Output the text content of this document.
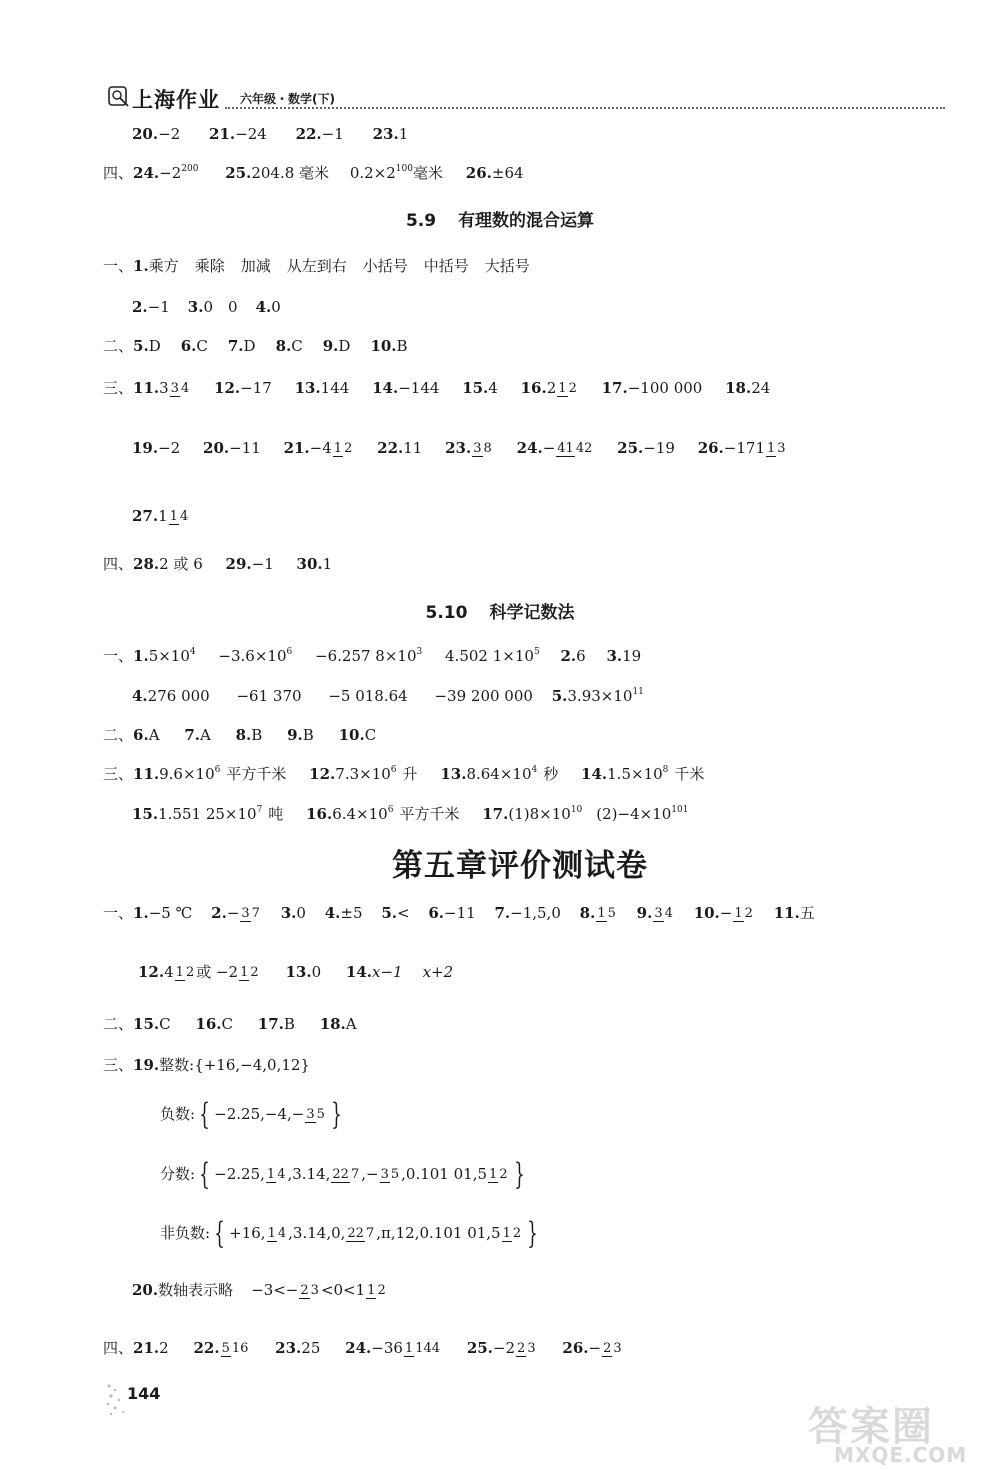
上海作业 六年级・数学(下)
20.−2 21.−24 22.−1 23.1
四、$24.-2^{200}$ 25.204.8 毫米 $0.2\times 2^{100}$毫米 26.±64
5.9 有理数的混合运算
一、1.乘方 乘除 加减 从左到右 小括号 中括号 大括号
2.−1 3.0　0 4.0
二、5.D 6.C 7.D 8.C 9.D 10.B
三、11.3 3 4 12.−17 13.144 14.−144 15.4 16.2 1 2 17.−100 000 18.24
19.−2 20.−11 21.−4 1 2 22.11 23. 3 8 24.− 41 42 25.−19 26.−171 1 3
27.1 1 4
四、28.2 或 6 29.−1 30.1
5.10 科学记数法
一、$1.5\times 10^4 -3.6\times 10^6 -6.257$ $8\times 10^3$ 4.502 $1\times 10^5$ 2.6 3.19
4.276 000 −61 370 −5 018.64 −39 200 000 $5.3.93\times 10^{11}$
二、6.A 7.A 8.B 9.B 10.C
三、$11.9.6\times 10^6$ 平方千米 $12.7.3\times 10^6$ 升 $13.8.64\times 10^4$ 秒 $14.1.5\times 10^8$ 千米
15.1.551 $25\times 10^7$ 吨 $16.6.4\times 10^6$ 平方千米 $17.(1)8\times 10^{10}$ $(2)-4\times 10^{101}$
第五章评价测试卷
一、1.−5 ℃ 2.− 3 7 3.0 4.±5 5.< 6.−11 7.−1,5,0 8. 1 5 9. 3 4 10.− 1 2 11.五
12.4 1 2 或 −2 1 2 13.0 14.x−1 x+2
二、15.C 16.C 17.B 18.A
三、19.整数:{+16,−4,0,12}
负数: { −2.25,−4,− 3 5 }
分数: { −2.25, 1 4 ,3.14, 22 7 ,− 3 5 ,0.101 01,5 1 2 }
非负数: { +16, 1 4 ,3.14,0, 22 7 ,π,12,0.101 01,5 1 2 }
20.数轴表示略 −3<− 2 3 <0<1 1 2
四、21.2 22. 5 16 23.25 24.−36 1 144 25.−2 2 3 26.− 2 3
144
答案圈
MXQE.COM
